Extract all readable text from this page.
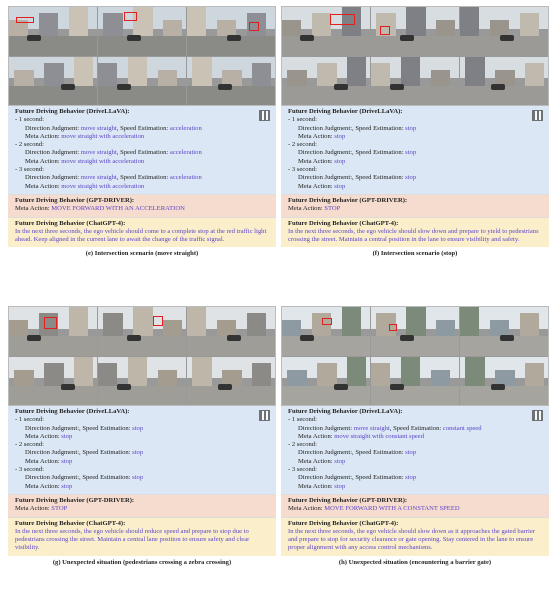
Future Driving Behavior (DriveLLaVA):
- 1 second:
Direction Judgment: move straight, Speed Estimation: acceleration
Meta Action: move straight with acceleration
- 2 second:
Direction Judgment: move straight, Speed Estimation: acceleration
Meta Action: move straight with acceleration
- 3 second:
Direction Judgment: move straight, Speed Estimation: acceleration
Meta Action: move straight with acceleration
Future Driving Behavior (GPT-DRIVER):
Meta Action: MOVE FORWARD WITH AN ACCELERATION
Future Driving Behavior (ChatGPT-4):
In the next three seconds, the ego vehicle should come to a complete stop at the red traffic light ahead. Keep aligned in the current lane to await the change of the traffic signal.
(e) Intersection scenario (move straight)
Future Driving Behavior (DriveLLaVA):
- 1 second:
Direction Judgment:, Speed Estimation: stop
Meta Action: stop
- 2 second:
Direction Judgment:, Speed Estimation: stop
Meta Action: stop
- 3 second:
Direction Judgment:, Speed Estimation: stop
Meta Action: stop
Future Driving Behavior (GPT-DRIVER):
Meta Action: STOP
Future Driving Behavior (ChatGPT-4):
In the next three seconds, the ego vehicle should slow down and prepare to yield to pedestrians crossing the street. Maintain a central position in the lane to ensure visibility and safety.
(f) Intersection scenario (stop)
Future Driving Behavior (DriveLLaVA):
- 1 second:
Direction Judgment:, Speed Estimation: stop
Meta Action: stop
- 2 second:
Direction Judgment:, Speed Estimation: stop
Meta Action: stop
- 3 second:
Direction Judgment:, Speed Estimation: stop
Meta Action: stop
Future Driving Behavior (GPT-DRIVER):
Meta Action: STOP
Future Driving Behavior (ChatGPT-4):
In the next three seconds, the ego vehicle should reduce speed and prepare to stop due to pedestrians crossing the street. Maintain a central lane position to ensure safety and clear visibility.
(g) Unexpected situation (pedestrians crossing a zebra crossing)
Future Driving Behavior (DriveLLaVA):
- 1 second:
Direction Judgment: move straight, Speed Estimation: constant speed
Meta Action: move straight with constant speed
- 2 second:
Direction Judgment:, Speed Estimation: stop
Meta Action: stop
- 3 second:
Direction Judgment:, Speed Estimation: stop
Meta Action: stop
Future Driving Behavior (GPT-DRIVER):
Meta Action: MOVE FORWARD WITH A CONSTANT SPEED
Future Driving Behavior (ChatGPT-4):
In the next three seconds, the ego vehicle should slow down as it approaches the gated barrier and prepare to stop for security clearance or gate opening. Stay centered in the lane to ensure proper alignment with any access control mechanisms.
(h) Unexpected situation (encountering a barrier gate)
